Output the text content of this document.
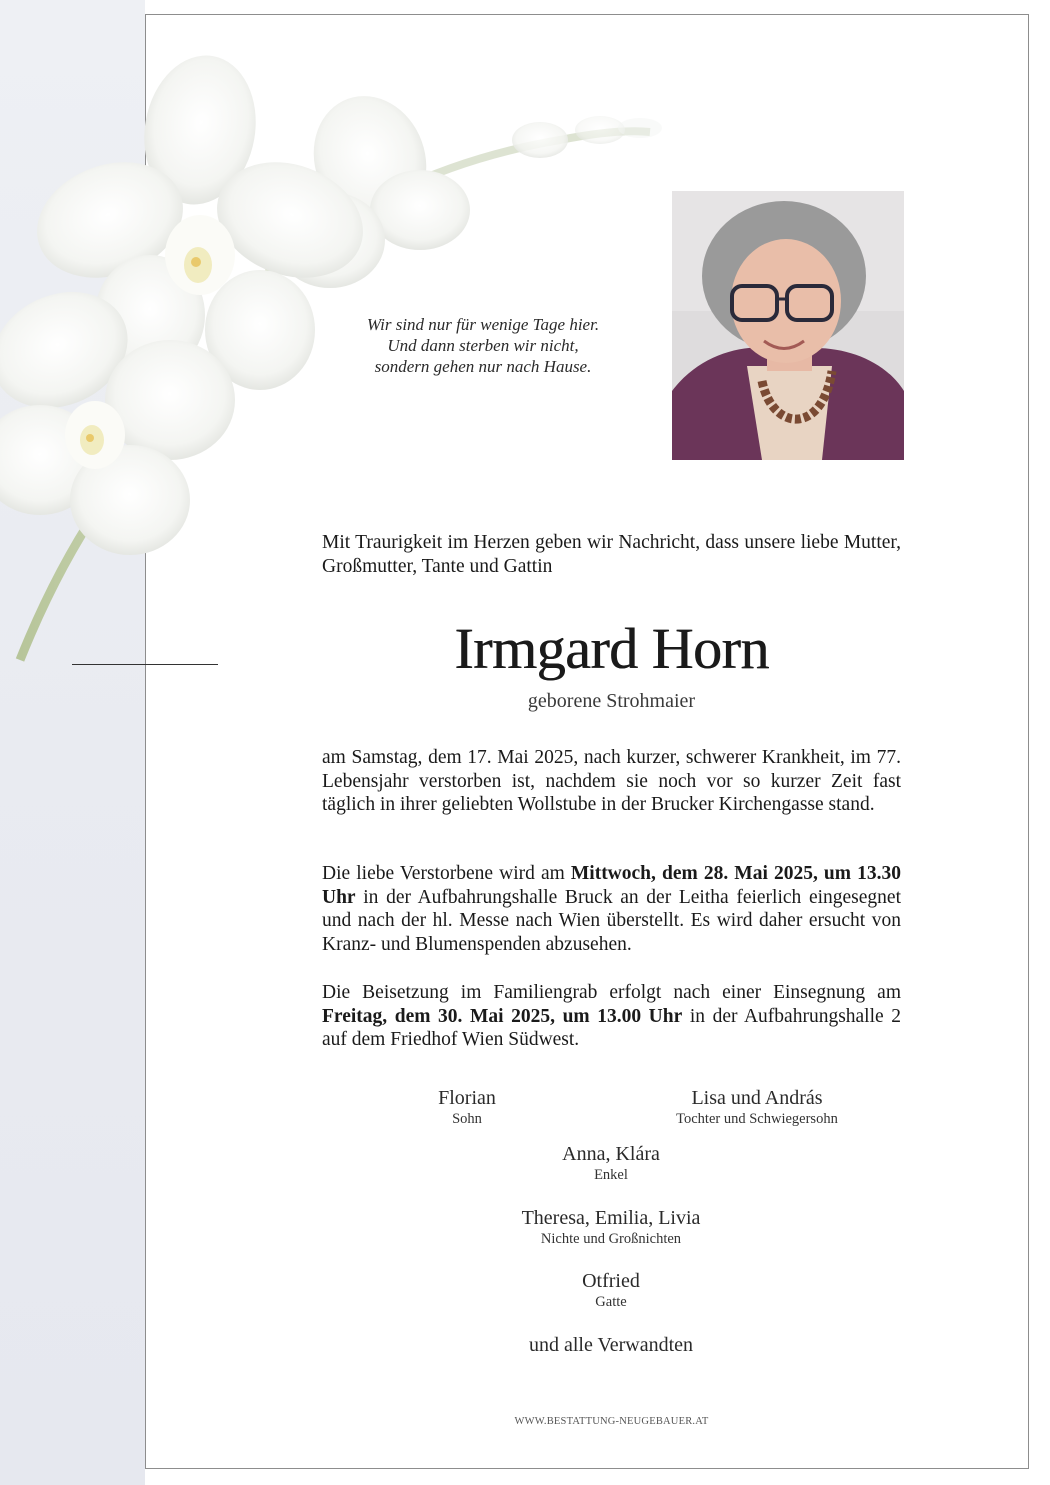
Wir sind nur für wenige Tage hier.
Und dann sterben wir nicht,
sondern gehen nur nach Hause.
Mit Traurigkeit im Herzen geben wir Nachricht, dass unsere liebe Mutter, Großmutter, Tante und Gattin
Irmgard Horn
geborene Strohmaier
am Samstag, dem 17. Mai 2025, nach kurzer, schwerer Krankheit, im 77. Lebensjahr verstorben ist, nachdem sie noch vor so kurzer Zeit fast täglich in ihrer geliebten Wollstube in der Brucker Kirchengasse stand.
Die liebe Verstorbene wird am Mittwoch, dem 28. Mai 2025, um 13.30 Uhr in der Aufbahrungshalle Bruck an der Leitha feierlich eingesegnet und nach der hl. Messe nach Wien überstellt. Es wird daher ersucht von Kranz- und Blumenspenden abzusehen.
Die Beisetzung im Familiengrab erfolgt nach einer Einsegnung am Freitag, dem 30. Mai 2025, um 13.00 Uhr in der Aufbahrungshalle 2 auf dem Friedhof Wien Südwest.
Florian
Sohn
Lisa und András
Tochter und Schwiegersohn
Anna, Klára
Enkel
Theresa, Emilia, Livia
Nichte und Großnichten
Otfried
Gatte
und alle Verwandten
WWW.BESTATTUNG-NEUGEBAUER.AT
